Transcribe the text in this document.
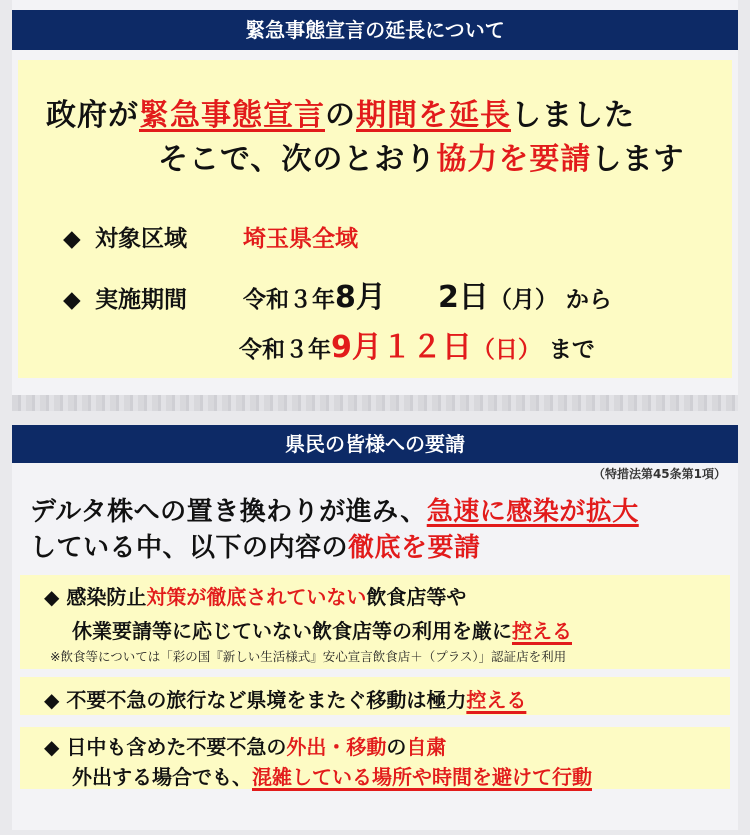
緊急事態宣言の延長について
政府が緊急事態宣言の期間を延長しました
そこで、次のとおり協力を要請します
◆ 対象区域 埼玉県全域
◆ 実施期間 令和３年8月 2日（月） から
令和３年9月１２日（日） まで
県民の皆様への要請
（特措法第45条第1項）
デルタ株への置き換わりが進み、急速に感染が拡大
している中、以下の内容の徹底を要請
◆ 感染防止対策が徹底されていない飲食店等や
休業要請等に応じていない飲食店等の利用を厳に控える
※飲食等については「彩の国『新しい生活様式』安心宣言飲食店＋（プラス）」認証店を利用
◆ 不要不急の旅行など県境をまたぐ移動は極力控える
◆ 日中も含めた不要不急の外出・移動の自粛
外出する場合でも、混雑している場所や時間を避けて行動
